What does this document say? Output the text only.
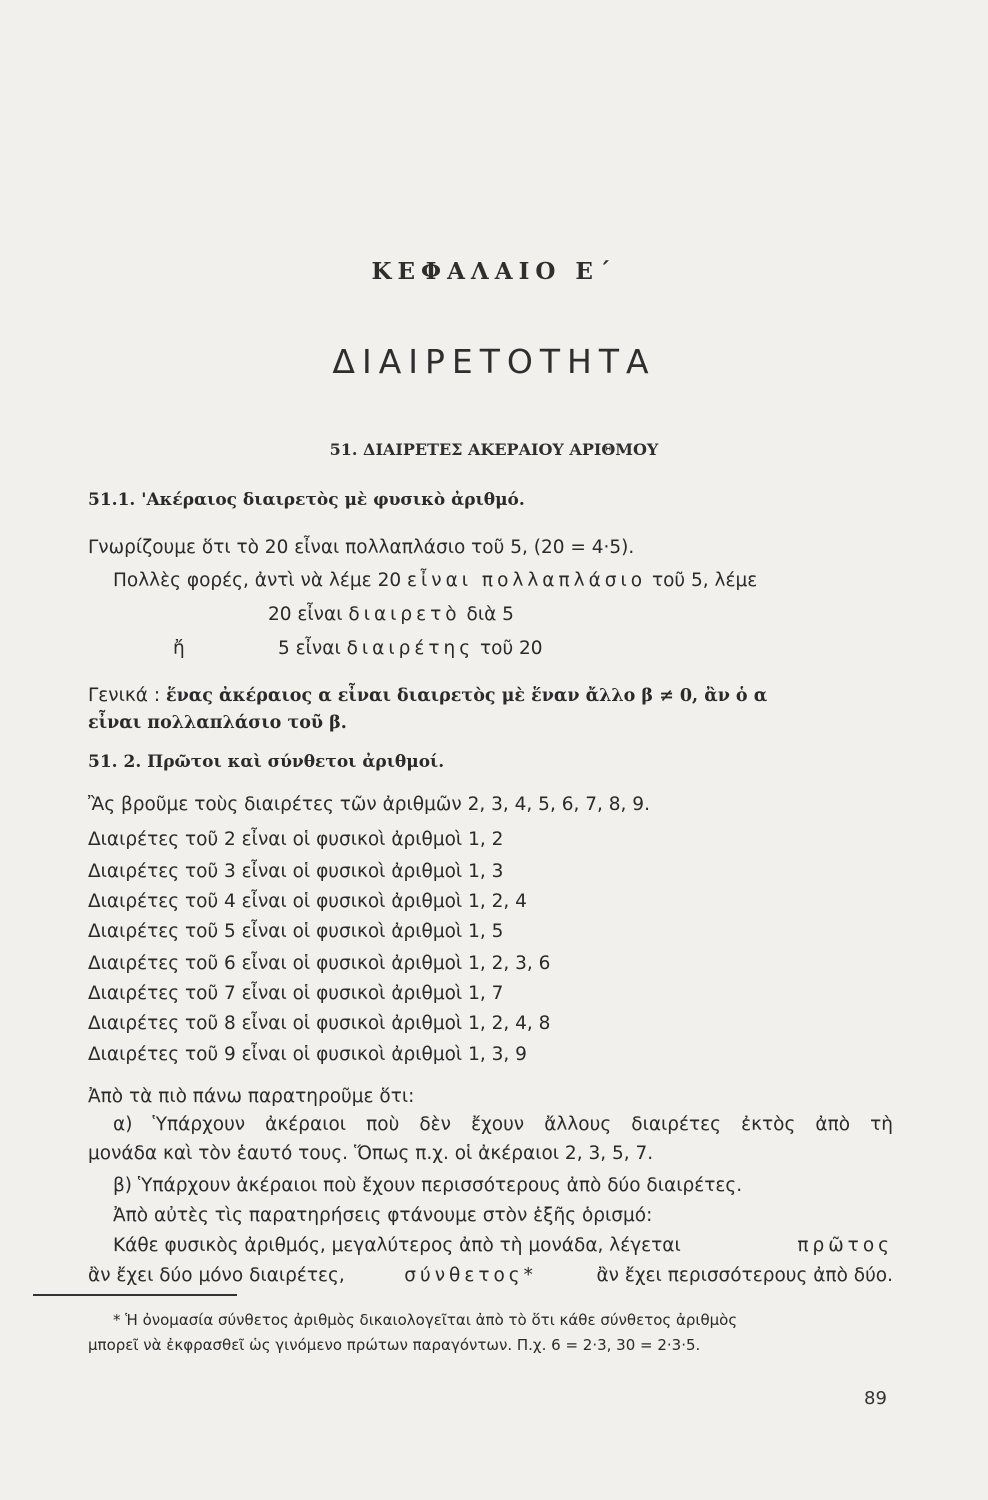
ΚΕΦΑΛΑΙΟ Ε΄
ΔΙΑΙΡΕΤΟΤΗΤΑ
51. ΔΙΑΙΡΕΤΕΣ ΑΚΕΡΑΙΟΥ ΑΡΙΘΜΟΥ
51.1. 'Ακέραιος διαιρετὸς μὲ φυσικὸ ἀριθμό.
Γνωρίζουμε ὅτι τὸ 20 εἶναι πολλαπλάσιο τοῦ 5, (20 = 4·5).
Πολλὲς φορές, ἀντὶ νὰ λέμε 20 εἶναι πολλαπλάσιο τοῦ 5, λέμε
20 εἶναι διαιρετὸ διὰ 5
ἤ	5 εἶναι διαιρέτης τοῦ 20
Γενικά : ἕνας ἀκέραιος α εἶναι διαιρετὸς μὲ ἕναν ἄλλο β ≠ 0, ἂν ὁ α
εἶναι πολλαπλάσιο τοῦ β.
51. 2. Πρῶτοι καὶ σύνθετοι ἀριθμοί.
Ἂς βροῦμε τοὺς διαιρέτες τῶν ἀριθμῶν 2, 3, 4, 5, 6, 7, 8, 9.
Διαιρέτες τοῦ 2 εἶναι οἱ φυσικοὶ ἀριθμοὶ 1, 2
Διαιρέτες τοῦ 3 εἶναι οἱ φυσικοὶ ἀριθμοὶ 1, 3
Διαιρέτες τοῦ 4 εἶναι οἱ φυσικοὶ ἀριθμοὶ 1, 2, 4
Διαιρέτες τοῦ 5 εἶναι οἱ φυσικοὶ ἀριθμοὶ 1, 5
Διαιρέτες τοῦ 6 εἶναι οἱ φυσικοὶ ἀριθμοὶ 1, 2, 3, 6
Διαιρέτες τοῦ 7 εἶναι οἱ φυσικοὶ ἀριθμοὶ 1, 7
Διαιρέτες τοῦ 8 εἶναι οἱ φυσικοὶ ἀριθμοὶ 1, 2, 4, 8
Διαιρέτες τοῦ 9 εἶναι οἱ φυσικοὶ ἀριθμοὶ 1, 3, 9
Ἀπὸ τὰ πιὸ πάνω παρατηροῦμε ὅτι:
α) Ὑπάρχουν ἀκέραιοι ποὺ δὲν ἔχουν ἄλλους διαιρέτες ἐκτὸς ἀπὸ τὴ
μονάδα καὶ τὸν ἑαυτό τους. Ὅπως π.χ. οἱ ἀκέραιοι 2, 3, 5, 7.
β) Ὑπάρχουν ἀκέραιοι ποὺ ἔχουν περισσότερους ἀπὸ δύο διαιρέτες.
Ἀπὸ αὐτὲς τὶς παρατηρήσεις φτάνουμε στὸν ἑξῆς ὁρισμό:
Κάθε φυσικὸς ἀριθμός, μεγαλύτερος ἀπὸ τὴ μονάδα, λέγεται	πρῶτος
ἂν ἔχει δύο μόνο διαιρέτες,	σύνθετος*	ἂν ἔχει περισσότερους ἀπὸ δύο.
* Ἡ ὀνομασία σύνθετος ἀριθμὸς δικαιολογεῖται ἀπὸ τὸ ὅτι κάθε σύνθετος ἀριθμὸς
μπορεῖ νὰ ἐκφρασθεῖ ὡς γινόμενο πρώτων παραγόντων. Π.χ. 6 = 2·3, 30 = 2·3·5.
89
